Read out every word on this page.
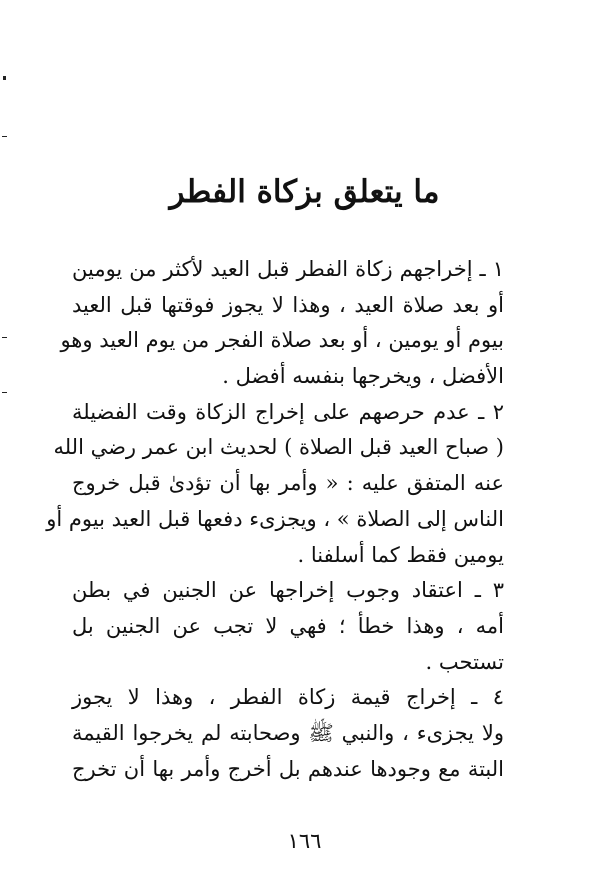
ما يتعلق بزكاة الفطر
١ ـ إخراجهم زكاة الفطر قبل العيد لأكثر من يومين
أو بعد صلاة العيد ، وهذا لا يجوز فوقتها قبل العيد
بيوم أو يومين ، أو بعد صلاة الفجر من يوم العيد وهو
الأفضل ، ويخرجها بنفسه أفضل .
٢ ـ عدم حرصهم على إخراج الزكاة وقت الفضيلة
( صباح العيد قبل الصلاة ) لحديث ابن عمر رضي الله
عنه المتفق عليه : « وأمر بها أن تؤدىٰ قبل خروج
الناس إلى الصلاة » ، ويجزىء دفعها قبل العيد بيوم أو
يومين فقط كما أسلفنا .
٣ ـ اعتقاد وجوب إخراجها عن الجنين في بطن
أمه ، وهذا خطأ ؛ فهي لا تجب عن الجنين بل
تستحب .
٤ ـ إخراج قيمة زكاة الفطر ، وهذا لا يجوز
ولا يجزىء ، والنبي ﷺ وصحابته لم يخرجوا القيمة
البتة مع وجودها عندهم بل أخرج وأمر بها أن تخرج
١٦٦
